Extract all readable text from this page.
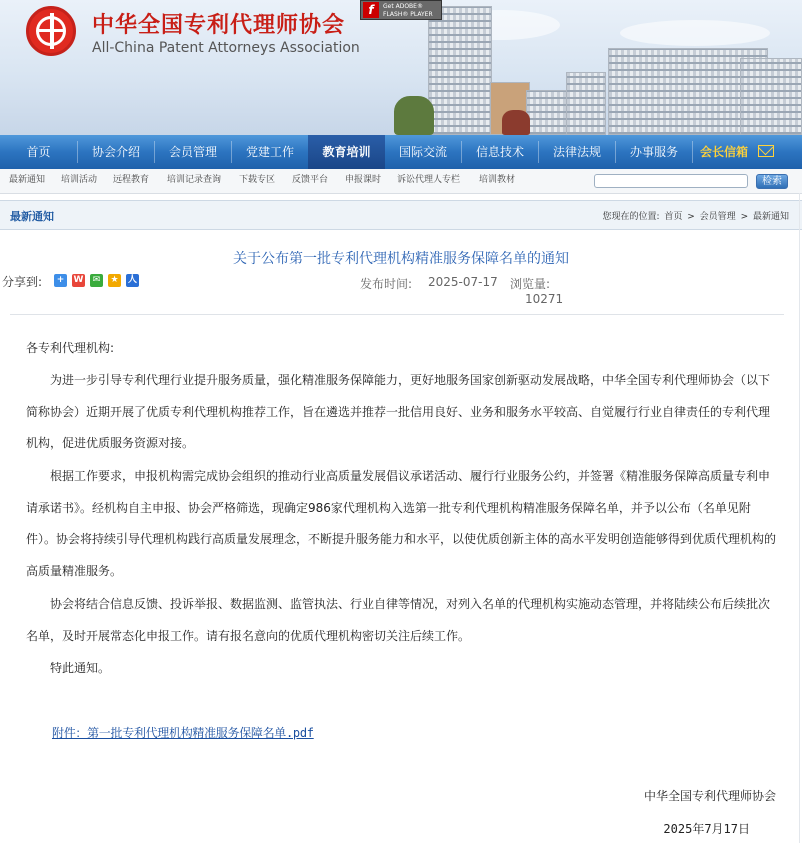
中华全国专利代理师协会
All-China Patent Attorneys Association
f	Get ADOBE®
FLASH® PLAYER
首页	协会介绍	会员管理	党建工作	教育培训	国际交流	信息技术	法律法规	办事服务	会长信箱
最新通知 培训活动 远程教育 培训记录查询 下载专区 反馈平台 申报课时 诉讼代理人专栏 培训教材	检索
最新通知	您现在的位置: 首页 > 会员管理 > 最新通知
关于公布第一批专利代理机构精准服务保障名单的通知
分享到:	+	W	✉	★ 人	发布时间: 2025-07-17 浏览量:
10271

各专利代理机构:

为进一步引导专利代理行业提升服务质量，强化精准服务保障能力，更好地服务国家创新驱动发展战略，中华全国专利代理师协会（以下简称协会）近期开展了优质专利代理机构推荐工作，旨在遴选并推荐一批信用良好、业务和服务水平较高、自觉履行行业自律责任的专利代理机构，促进优质服务资源对接。

根据工作要求，申报机构需完成协会组织的推动行业高质量发展倡议承诺活动、履行行业服务公约，并签署《精准服务保障高质量专利申请承诺书》。经机构自主申报、协会严格筛选，现确定986家代理机构入选第一批专利代理机构精准服务保障名单，并予以公布（名单见附件）。协会将持续引导代理机构践行高质量发展理念，不断提升服务能力和水平，以使优质创新主体的高水平发明创造能够得到优质代理机构的高质量精准服务。

协会将结合信息反馈、投诉举报、数据监测、监管执法、行业自律等情况，对列入名单的代理机构实施动态管理，并将陆续公布后续批次名单，及时开展常态化申报工作。请有报名意向的优质代理机构密切关注后续工作。

特此通知。

附件：第一批专利代理机构精准服务保障名单.pdf
中华全国专利代理师协会
2025年7月17日
